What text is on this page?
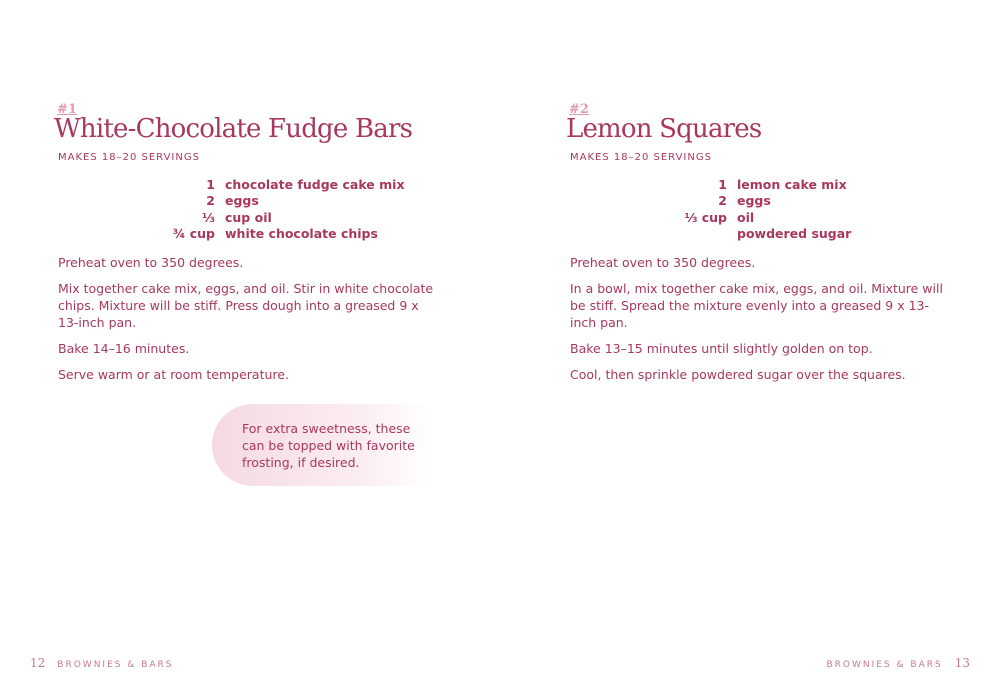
#1
White-Chocolate Fudge Bars
MAKES 18–20 SERVINGS
1	chocolate fudge cake mix
2	eggs
⅓	cup oil
¾ cup	white chocolate chips

Preheat oven to 350 degrees.

Mix together cake mix, eggs, and oil. Stir in white chocolate chips. Mixture will be stiff. Press dough into a greased 9 x 13-inch pan.

Bake 14–16 minutes.

Serve warm or at room temperature.

For extra sweetness, these can be topped with favorite frosting, if desired.

12 BROWNIES & BARS
#2
Lemon Squares
MAKES 18–20 SERVINGS
1	lemon cake mix
2	eggs
⅓ cup	oil
	powdered sugar

Preheat oven to 350 degrees.

In a bowl, mix together cake mix, eggs, and oil. Mixture will be stiff. Spread the mixture evenly into a greased 9 x 13-inch pan.

Bake 13–15 minutes until slightly golden on top.

Cool, then sprinkle powdered sugar over the squares.

BROWNIES & BARS 13
